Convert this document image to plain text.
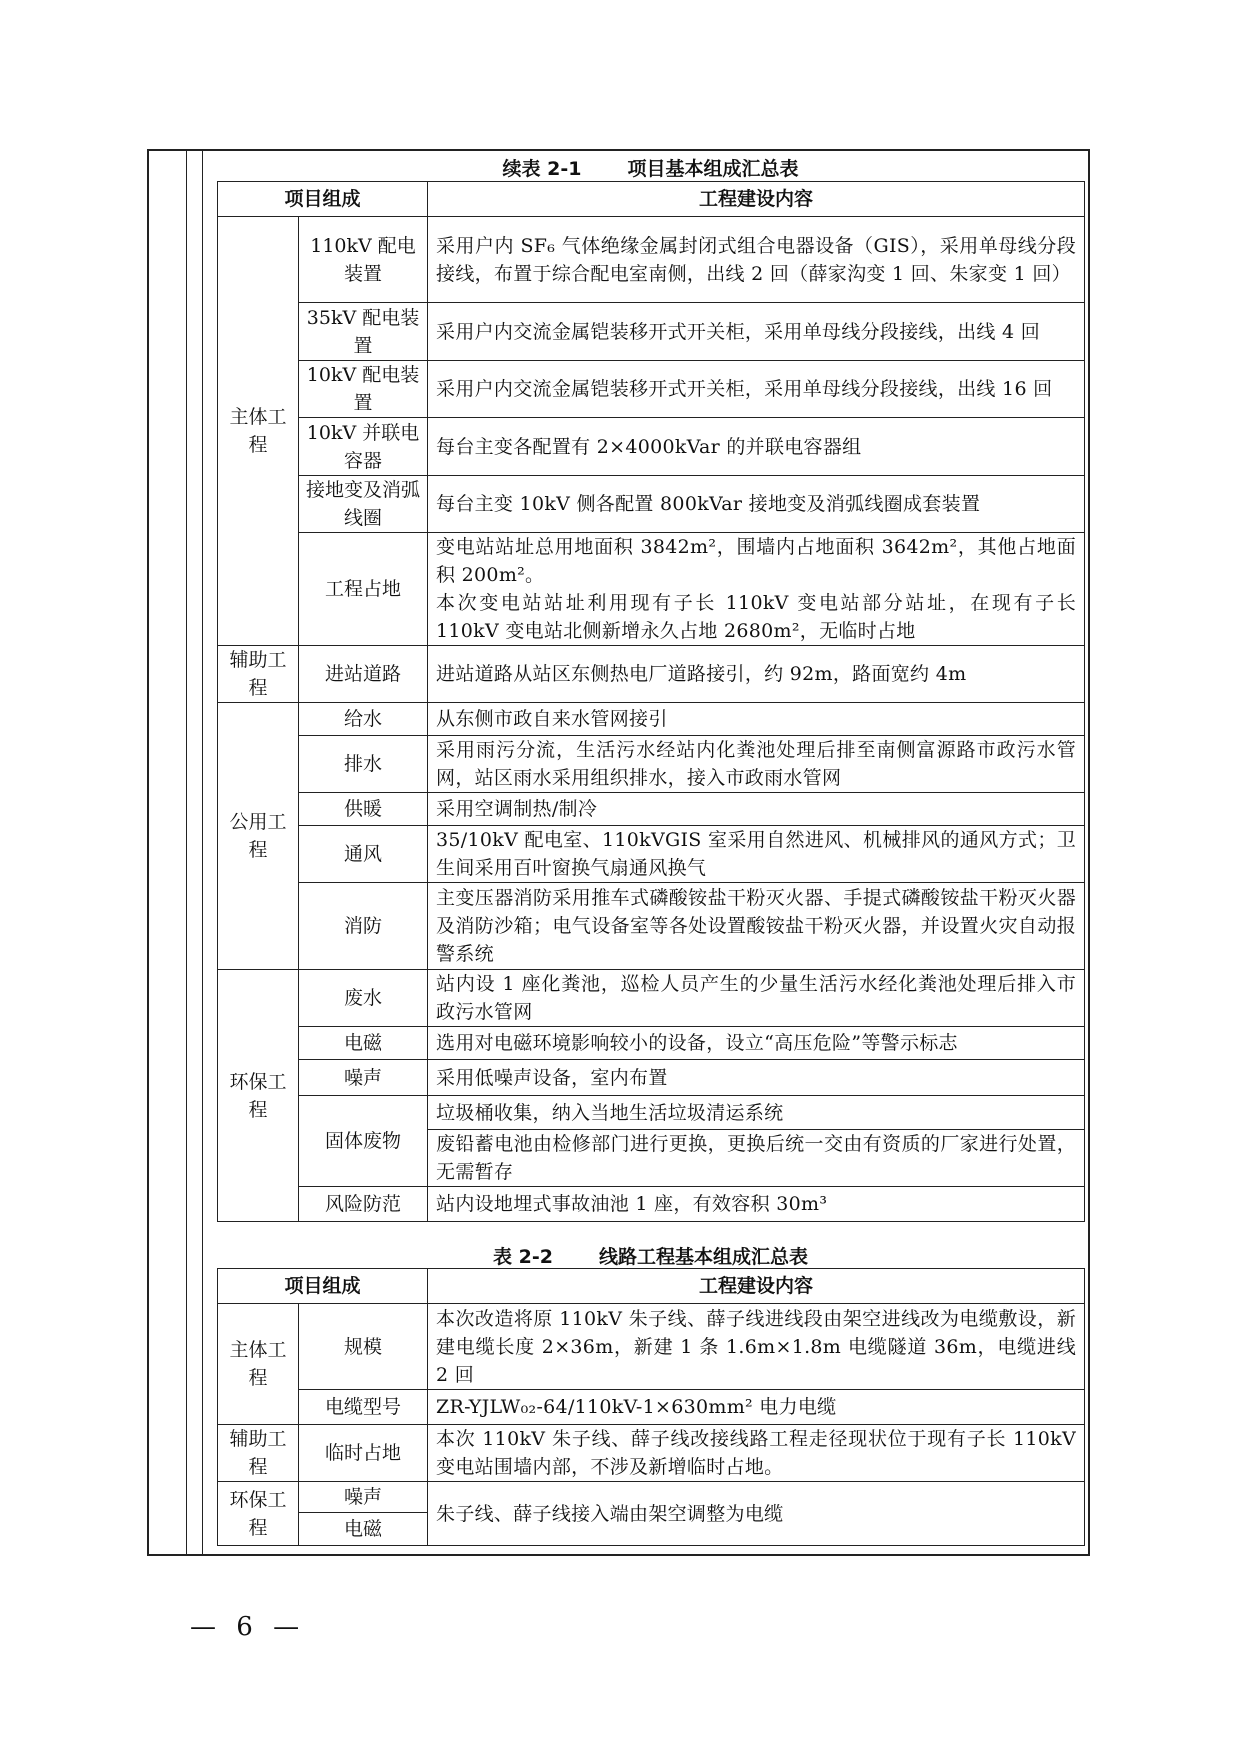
续表 2-1 项目基本组成汇总表
项目组成		工程建设内容
主体工程	110kV 配电装置	采用户内 SF₆ 气体绝缘金属封闭式组合电器设备（GIS），采用单母线分段接线，布置于综合配电室南侧，出线 2 回（薛家沟变 1 回、朱家变 1 回）
	35kV 配电装置	采用户内交流金属铠装移开式开关柜，采用单母线分段接线，出线 4 回
	10kV 配电装置	采用户内交流金属铠装移开式开关柜，采用单母线分段接线，出线 16 回
	10kV 并联电容器	每台主变各配置有 2×4000kVar 的并联电容器组
	接地变及消弧线圈	每台主变 10kV 侧各配置 800kVar 接地变及消弧线圈成套装置
	工程占地	变电站站址总用地面积 3842m²，围墙内占地面积 3642m²，其他占地面积 200m²。
本次变电站站址利用现有子长 110kV 变电站部分站址，在现有子长 110kV 变电站北侧新增永久占地 2680m²，无临时占地

辅助工程	进站道路	进站道路从站区东侧热电厂道路接引，约 92m，路面宽约 4m
公用工程	给水	从东侧市政自来水管网接引
	排水	采用雨污分流，生活污水经站内化粪池处理后排至南侧富源路市政污水管网，站区雨水采用组织排水，接入市政雨水管网
	供暖	采用空调制热/制冷
	通风	35/10kV 配电室、110kVGIS 室采用自然进风、机械排风的通风方式；卫生间采用百叶窗换气扇通风换气
	消防	主变压器消防采用推车式磷酸铵盐干粉灭火器、手提式磷酸铵盐干粉灭火器及消防沙箱；电气设备室等各处设置酸铵盐干粉灭火器，并设置火灾自动报警系统
环保工程	废水	站内设 1 座化粪池，巡检人员产生的少量生活污水经化粪池处理后排入市政污水管网
	电磁	选用对电磁环境影响较小的设备，设立“高压危险”等警示标志
	噪声	采用低噪声设备，室内布置
	固体废物	垃圾桶收集，纳入当地生活垃圾清运系统
		废铅蓄电池由检修部门进行更换，更换后统一交由有资质的厂家进行处置，无需暂存
	风险防范	站内设地埋式事故油池 1 座，有效容积 30m³
表 2-2 线路工程基本组成汇总表
项目组成		工程建设内容
主体工程	规模	本次改造将原 110kV 朱子线、薛子线进线段由架空进线改为电缆敷设，新建电缆长度 2×36m，新建 1 条 1.6m×1.8m 电缆隧道 36m，电缆进线 2 回
	电缆型号	ZR-YJLW₀₂-64/110kV-1×630mm² 电力电缆
辅助工程	临时占地	本次 110kV 朱子线、薛子线改接线路工程走径现状位于现有子长 110kV 变电站围墙内部，不涉及新增临时占地。
环保工程	噪声	朱子线、薛子线接入端由架空调整为电缆
	电磁	
— 6 —
